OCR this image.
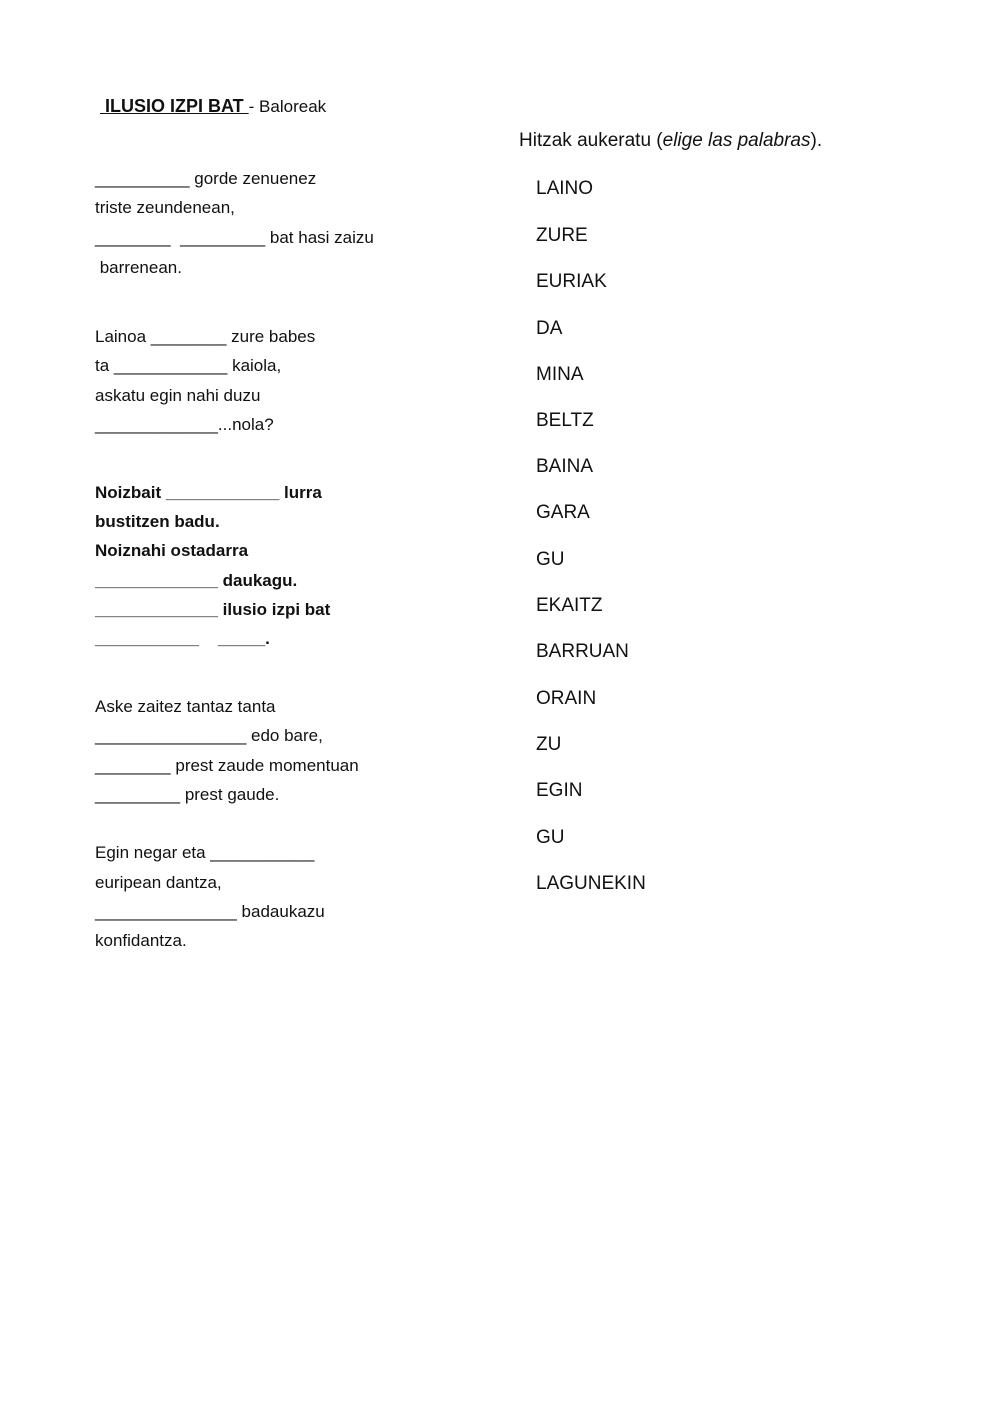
ILUSIO IZPI BAT - Baloreak
Hitzak aukeratu (elige las palabras).
__________ gorde zenuenez
triste zeundenean,
________  _________ bat hasi zaizu
barrenean.
Lainoa ________ zure babes
ta ____________ kaiola,
askatu egin nahi duzu
_____________...nola?
Noizbait ____________ lurra
bustitzen badu.
Noiznahi ostadarra
_____________ daukagu.
_____________ ilusio izpi bat
___________    _____.
Aske zaitez tantaz tanta
________________ edo bare,
________ prest zaude momentuan
_________ prest gaude.
Egin negar eta ___________
euripean dantza,
_______________ badaukazu
konfidantza.
LAINO
ZURE
EURIAK
DA
MINA
BELTZ
BAINA
GARA
GU
EKAITZ
BARRUAN
ORAIN
ZU
EGIN
GU
LAGUNEKIN
